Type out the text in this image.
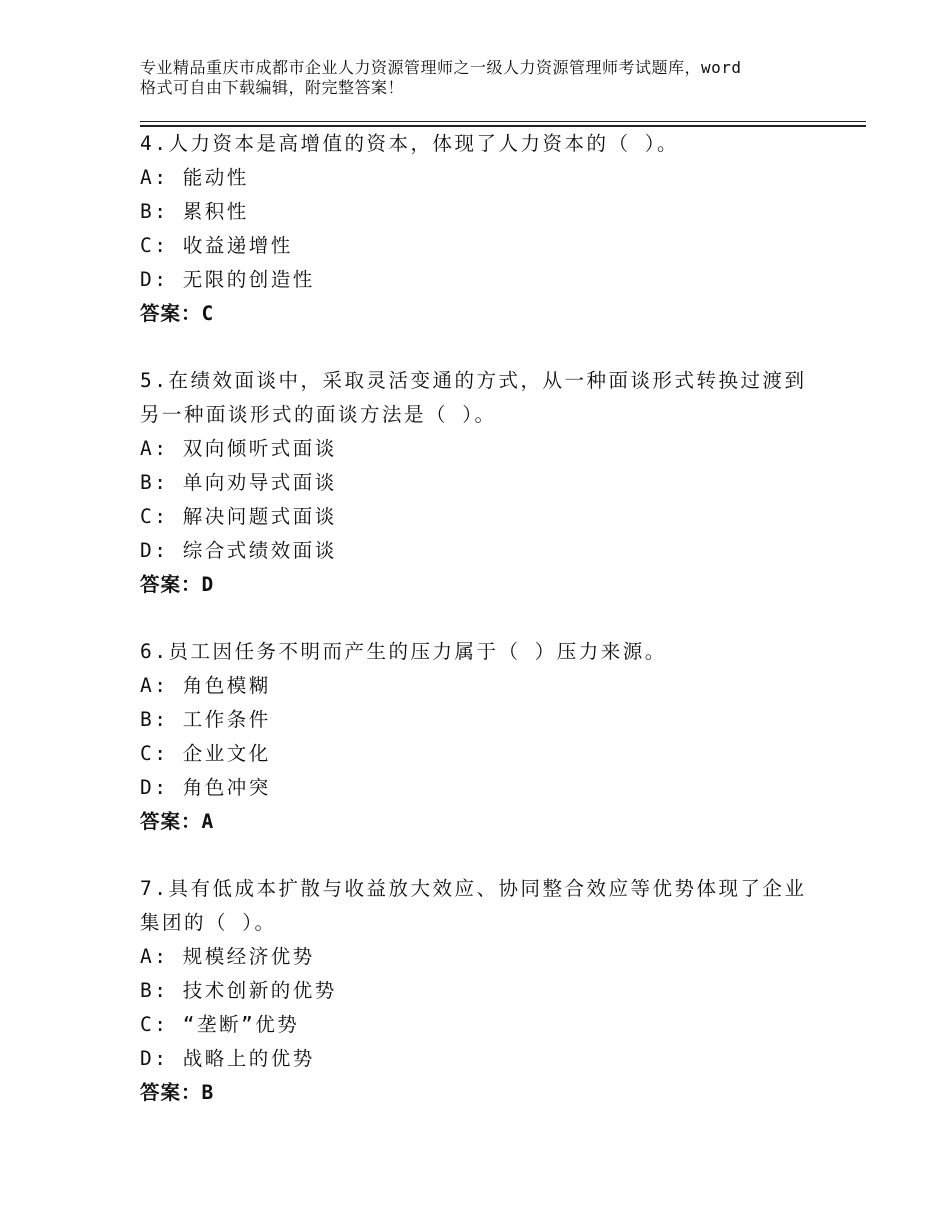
专业精品重庆市成都市企业人力资源管理师之一级人力资源管理师考试题库，word
格式可自由下载编辑，附完整答案！
4.人力资本是高增值的资本，体现了人力资本的（ ）。
A: 能动性
B: 累积性
C: 收益递增性
D: 无限的创造性
答案：C
5.在绩效面谈中，采取灵活变通的方式，从一种面谈形式转换过渡到另一种面谈形式的面谈方法是（ ）。
A: 双向倾听式面谈
B: 单向劝导式面谈
C: 解决问题式面谈
D: 综合式绩效面谈
答案：D
6.员工因任务不明而产生的压力属于（ ）压力来源。
A: 角色模糊
B: 工作条件
C: 企业文化
D: 角色冲突
答案：A
7.具有低成本扩散与收益放大效应、协同整合效应等优势体现了企业集团的（ ）。
A: 规模经济优势
B: 技术创新的优势
C: “垄断”优势
D: 战略上的优势
答案：B
